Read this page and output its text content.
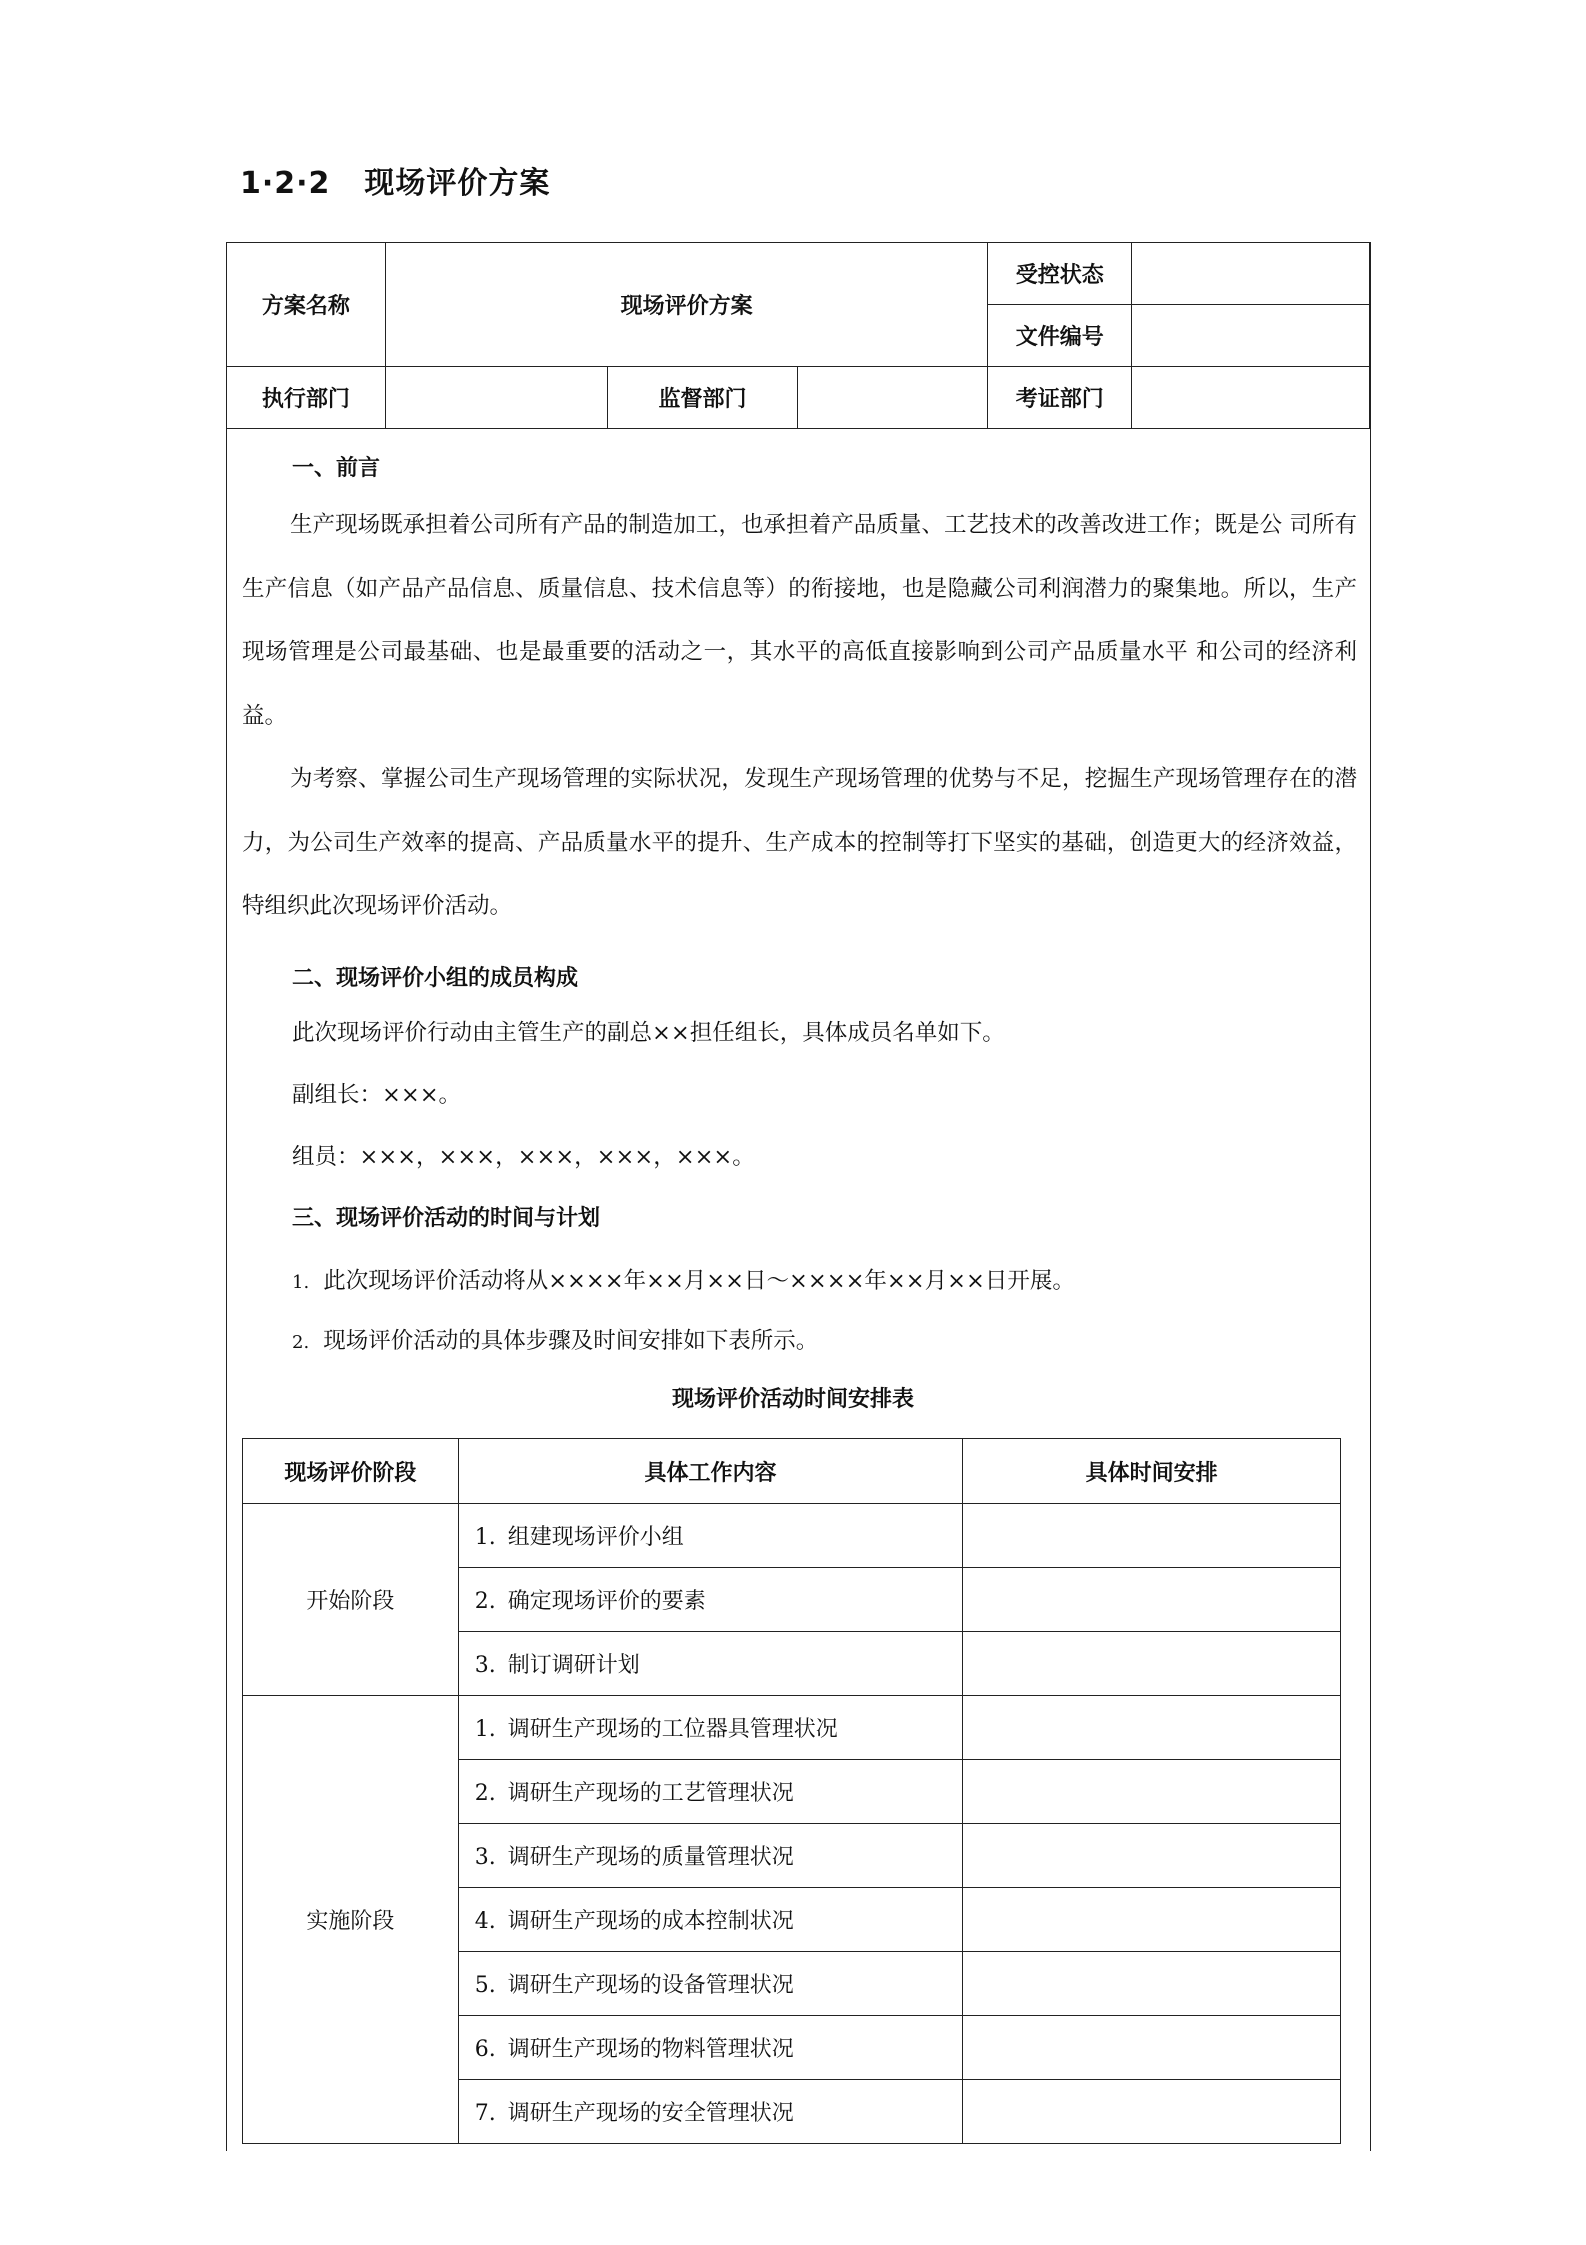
1·2·2 现场评价方案
方案名称	现场评价方案			受控状态	
				文件编号	
执行部门		监督部门		考证部门	
一、前言

生产现场既承担着公司所有产品的制造加工，也承担着产品质量、工艺技术的改善改进工作；既是公 司所有生产信息（如产品产品信息、质量信息、技术信息等）的衔接地，也是隐藏公司利润潜力的聚集地。所以，生产现场管理是公司最基础、也是最重要的活动之一，其水平的高低直接影响到公司产品质量水平 和公司的经济利益。

为考察、掌握公司生产现场管理的实际状况，发现生产现场管理的优势与不足，挖掘生产现场管理存在的潜力，为公司生产效率的提高、产品质量水平的提升、生产成本的控制等打下坚实的基础，创造更大的经济效益，特组织此次现场评价活动。

二、现场评价小组的成员构成
此次现场评价行动由主管生产的副总××担任组长，具体成员名单如下。
副组长：×××。
组员：×××，×××，×××，×××，×××。
三、现场评价活动的时间与计划
1. 此次现场评价活动将从××××年××月××日～××××年××月××日开展。
2. 现场评价活动的具体步骤及时间安排如下表所示。
现场评价活动时间安排表
现场评价阶段	具体工作内容	具体时间安排
开始阶段	1. 组建现场评价小组	
	2. 确定现场评价的要素	
	3. 制订调研计划	
实施阶段	1. 调研生产现场的工位器具管理状况	
	2. 调研生产现场的工艺管理状况	
	3. 调研生产现场的质量管理状况	
	4. 调研生产现场的成本控制状况	
	5. 调研生产现场的设备管理状况	
	6. 调研生产现场的物料管理状况	
	7. 调研生产现场的安全管理状况	
